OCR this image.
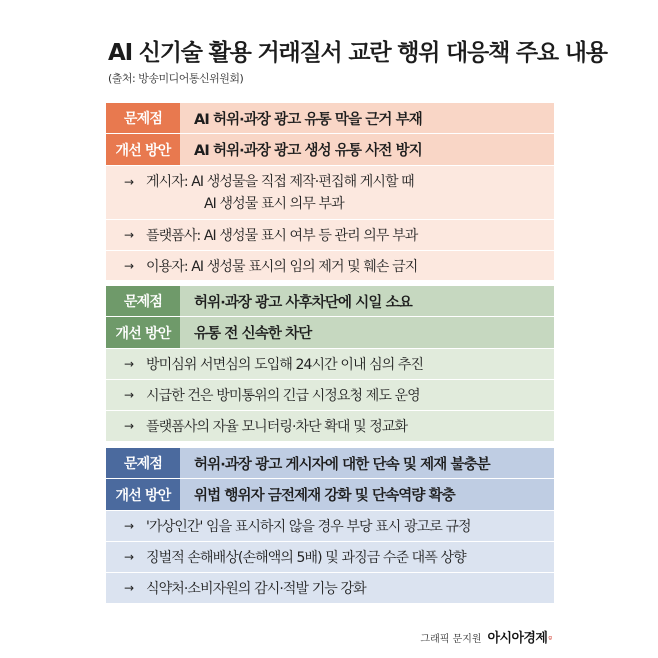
AI 신기술 활용 거래질서 교란 행위 대응책 주요 내용
(출처: 방송미디어통신위원회)
문제점	AI 허위·과장 광고 유통 막을 근거 부재
개선 방안	AI 허위·과장 광고 생성 유통 사전 방지
→ 게시자: AI 생성물을 직접 제작·편집해 게시할 때
AI 생성물 표시 의무 부과
→ 플랫폼사: AI 생성물 표시 여부 등 관리 의무 부과
→ 이용자: AI 생성물 표시의 임의 제거 및 훼손 금지
문제점	허위·과장 광고 사후차단에 시일 소요
개선 방안	유통 전 신속한 차단
→ 방미심위 서면심의 도입해 24시간 이내 심의 추진
→ 시급한 건은 방미통위의 긴급 시정요청 제도 운영
→ 플랫폼사의 자율 모니터링·차단 확대 및 정교화
문제점	허위·과장 광고 게시자에 대한 단속 및 제재 불충분
개선 방안	위법 행위자 금전제재 강화 및 단속역량 확충
→ '가상인간' 임을 표시하지 않을 경우 부당 표시 광고로 규정
→ 징벌적 손해배상(손해액의 5배) 및 과징금 수준 대폭 상향
→ 식약처·소비자원의 감시·적발 기능 강화
그래픽 문지원 아시아경제 ᵍ
